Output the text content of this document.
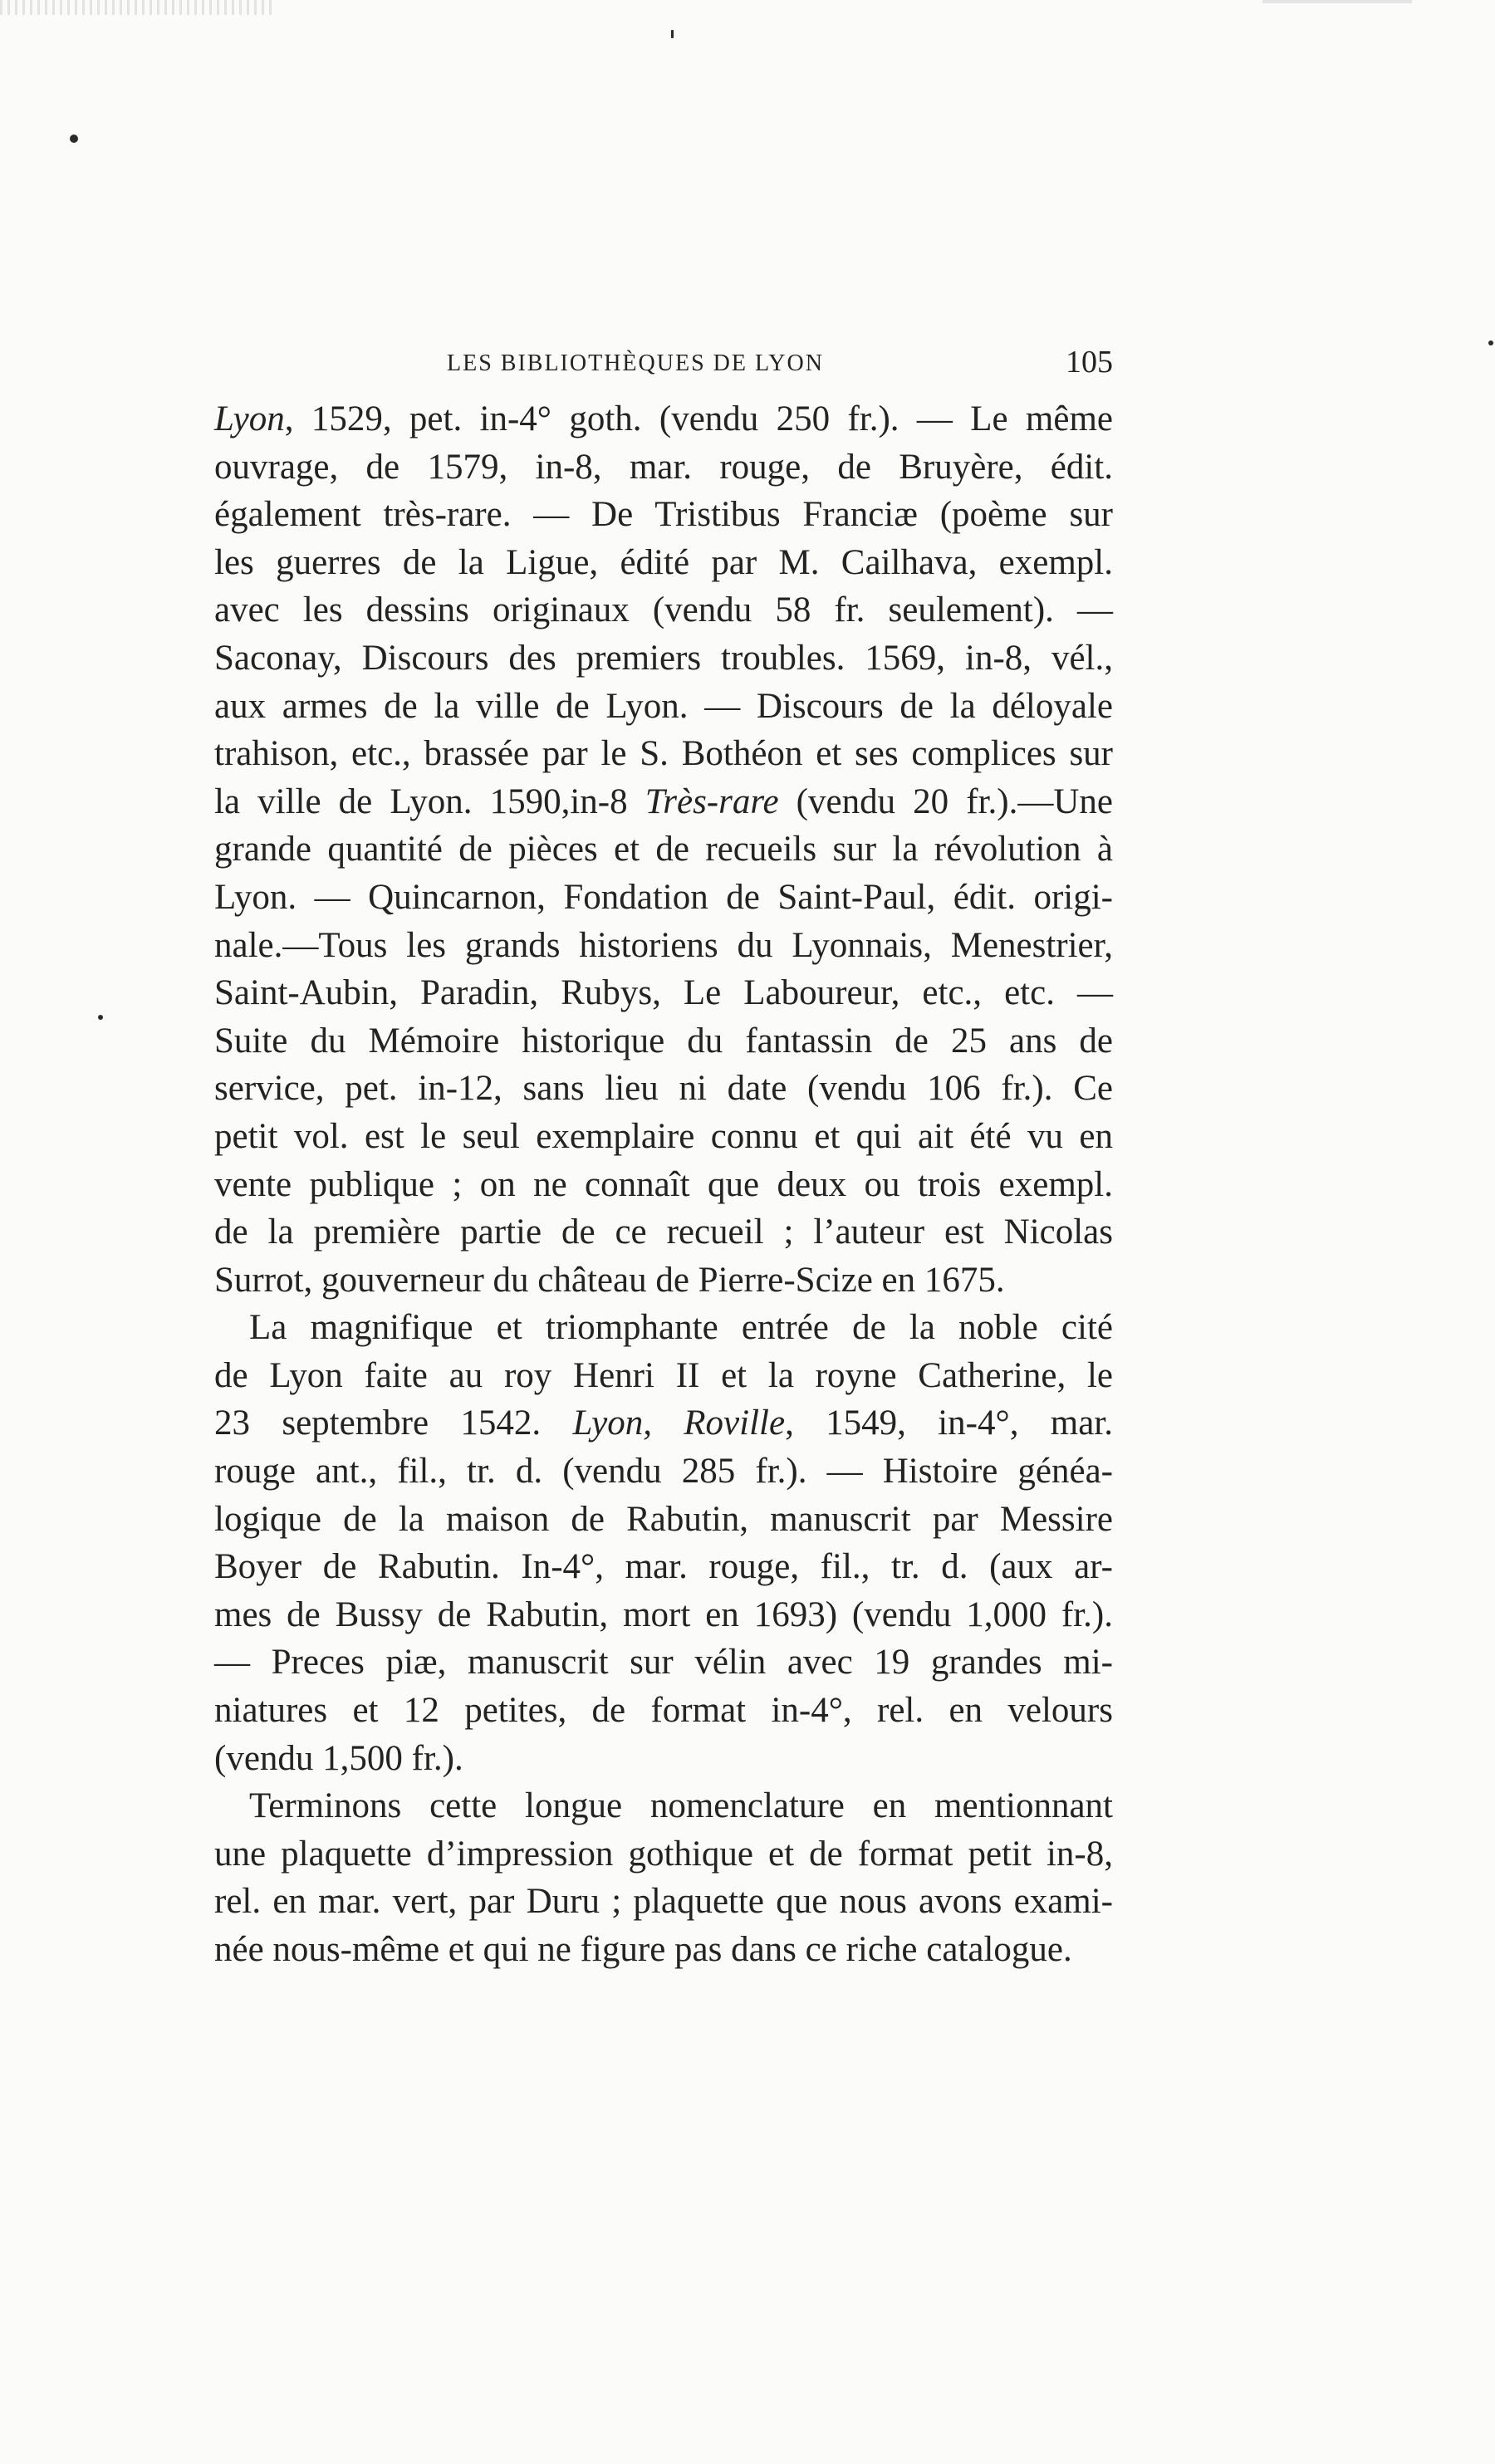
LES BIBLIOTHÈQUES DE LYON	105

Lyon, 1529, pet. in-4° goth. (vendu 250 fr.). — Le même

ouvrage, de 1579, in-8, mar. rouge, de Bruyère, édit.

également très-rare. — De Tristibus Franciæ (poème sur

les guerres de la Ligue, édité par M. Cailhava, exempl.

avec les dessins originaux (vendu 58 fr. seulement). —

Saconay, Discours des premiers troubles. 1569, in-8, vél.,

aux armes de la ville de Lyon. — Discours de la déloyale

trahison, etc., brassée par le S. Bothéon et ses complices sur

la ville de Lyon. 1590,in-8 Très-rare (vendu 20 fr.).—Une

grande quantité de pièces et de recueils sur la révolution à

Lyon. — Quincarnon, Fondation de Saint-Paul, édit. origi-

nale.—Tous les grands historiens du Lyonnais, Menestrier,

Saint-Aubin, Paradin, Rubys, Le Laboureur, etc., etc. —

Suite du Mémoire historique du fantassin de 25 ans de

service, pet. in-12, sans lieu ni date (vendu 106 fr.). Ce

petit vol. est le seul exemplaire connu et qui ait été vu en

vente publique ; on ne connaît que deux ou trois exempl.

de la première partie de ce recueil ; l’auteur est Nicolas

Surrot, gouverneur du château de Pierre-Scize en 1675.

La magnifique et triomphante entrée de la noble cité

de Lyon faite au roy Henri II et la royne Catherine, le

23 septembre 1542. Lyon, Roville, 1549, in-4°, mar.

rouge ant., fil., tr. d. (vendu 285 fr.). — Histoire généa-

logique de la maison de Rabutin, manuscrit par Messire

Boyer de Rabutin. In-4°, mar. rouge, fil., tr. d. (aux ar-

mes de Bussy de Rabutin, mort en 1693) (vendu 1,000 fr.).

— Preces piæ, manuscrit sur vélin avec 19 grandes mi-

niatures et 12 petites, de format in-4°, rel. en velours

(vendu 1,500 fr.).

Terminons cette longue nomenclature en mentionnant

une plaquette d’impression gothique et de format petit in-8,

rel. en mar. vert, par Duru ; plaquette que nous avons exami-

née nous-même et qui ne figure pas dans ce riche catalogue.
